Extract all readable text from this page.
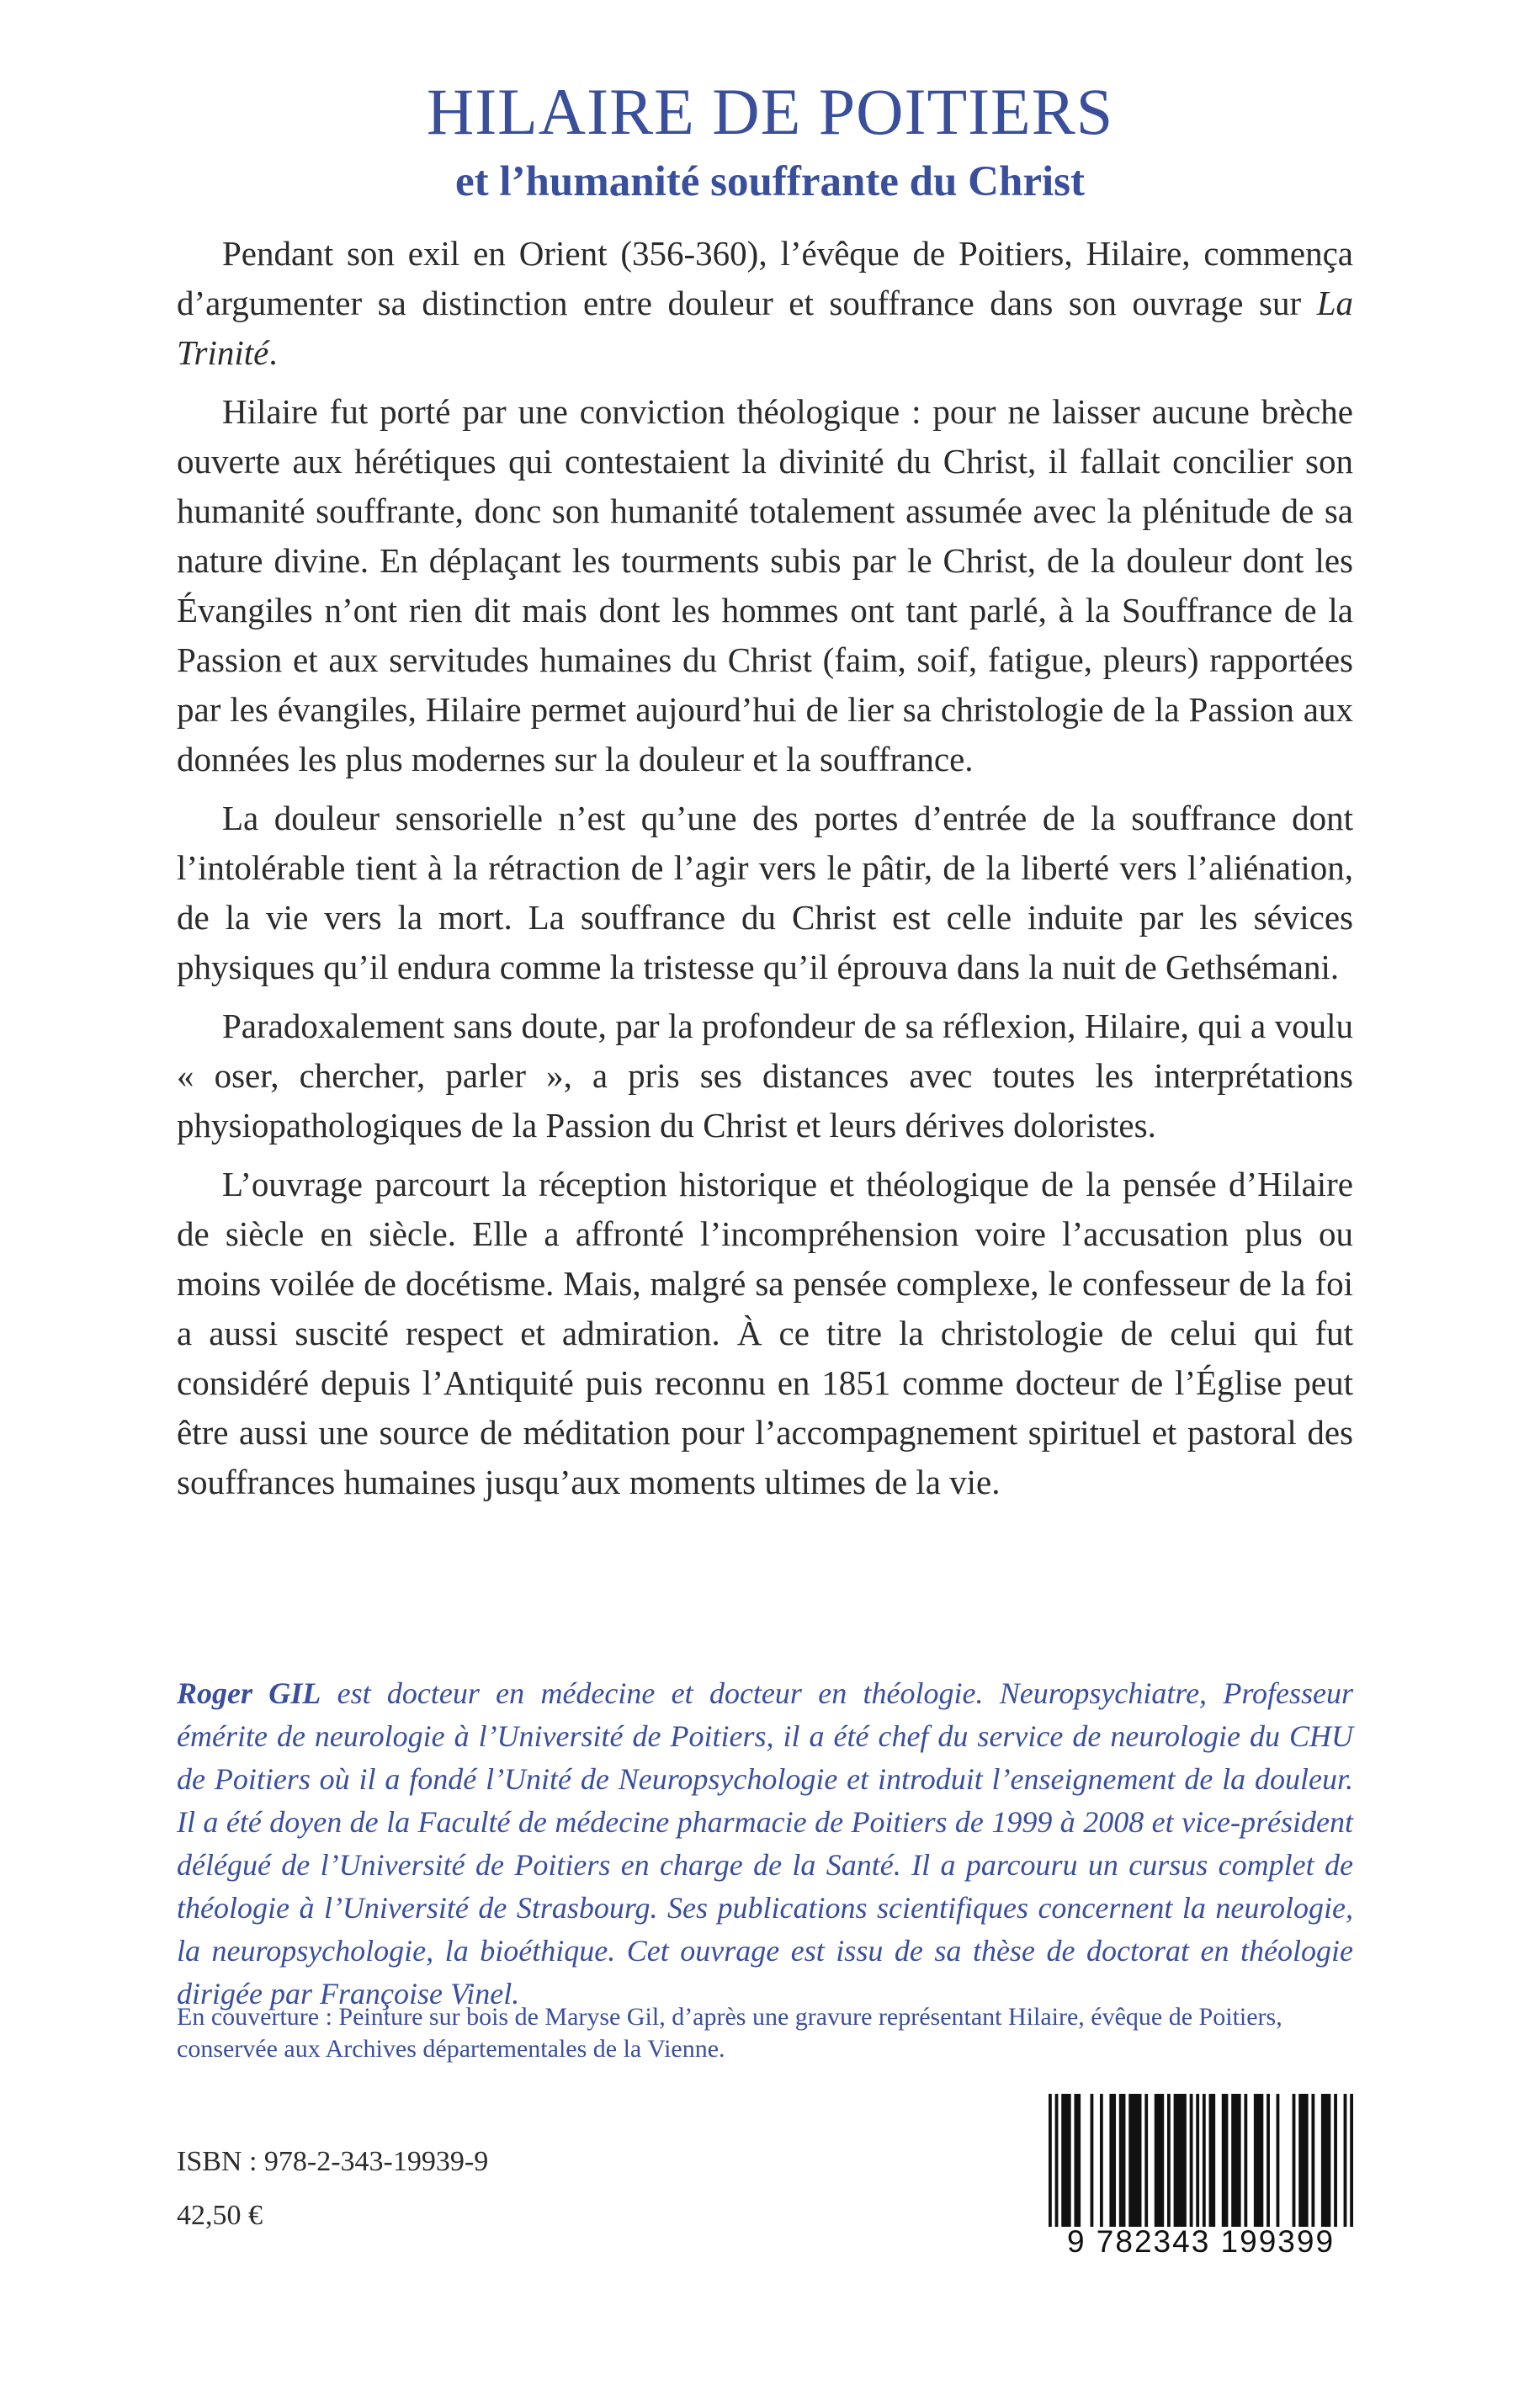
HILAIRE DE POITIERS
et l’humanité souffrante du Christ

Pendant son exil en Orient (356-360), l’évêque de Poitiers, Hilaire, commença d’argumenter sa distinction entre douleur et souffrance dans son ouvrage sur La Trinité.

Hilaire fut porté par une conviction théologique : pour ne laisser aucune brèche ouverte aux hérétiques qui contestaient la divinité du Christ, il fallait concilier son humanité souffrante, donc son humanité totalement assumée avec la plénitude de sa nature divine. En déplaçant les tourments subis par le Christ, de la douleur dont les Évangiles n’ont rien dit mais dont les hommes ont tant parlé, à la Souffrance de la Passion et aux servitudes humaines du Christ (faim, soif, fatigue, pleurs) rapportées par les évangiles, Hilaire permet aujourd’hui de lier sa christologie de la Passion aux données les plus modernes sur la douleur et la souffrance.

La douleur sensorielle n’est qu’une des portes d’entrée de la souffrance dont l’intolérable tient à la rétraction de l’agir vers le pâtir, de la liberté vers l’aliénation, de la vie vers la mort. La souffrance du Christ est celle induite par les sévices physiques qu’il endura comme la tristesse qu’il éprouva dans la nuit de Gethsémani.

Paradoxalement sans doute, par la profondeur de sa réflexion, Hilaire, qui a voulu « oser, chercher, parler », a pris ses distances avec toutes les interprétations physiopathologiques de la Passion du Christ et leurs dérives doloristes.

L’ouvrage parcourt la réception historique et théologique de la pensée d’Hilaire de siècle en siècle. Elle a affronté l’incompréhension voire l’accusation plus ou moins voilée de docétisme. Mais, malgré sa pensée complexe, le confesseur de la foi a aussi suscité respect et admiration. À ce titre la christologie de celui qui fut considéré depuis l’Antiquité puis reconnu en 1851 comme docteur de l’Église peut être aussi une source de méditation pour l’accompagnement spirituel et pastoral des souffrances humaines jusqu’aux moments ultimes de la vie.

Roger GIL est docteur en médecine et docteur en théologie. Neuropsychiatre, Professeur émérite de neurologie à l’Université de Poitiers, il a été chef du service de neurologie du CHU de Poitiers où il a fondé l’Unité de Neuropsychologie et introduit l’enseignement de la douleur. Il a été doyen de la Faculté de médecine pharmacie de Poitiers de 1999 à 2008 et vice-président délégué de l’Université de Poitiers en charge de la Santé. Il a parcouru un cursus complet de théologie à l’Université de Strasbourg. Ses publications scientifiques concernent la neurologie, la neuropsychologie, la bioéthique. Cet ouvrage est issu de sa thèse de doctorat en théologie dirigée par Françoise Vinel.
En couverture : Peinture sur bois de Maryse Gil, d’après une gravure représentant Hilaire, évêque de Poitiers, conservée aux Archives départementales de la Vienne.
ISBN : 978-2-343-19939-9
42,50 €
9 782343 199399
